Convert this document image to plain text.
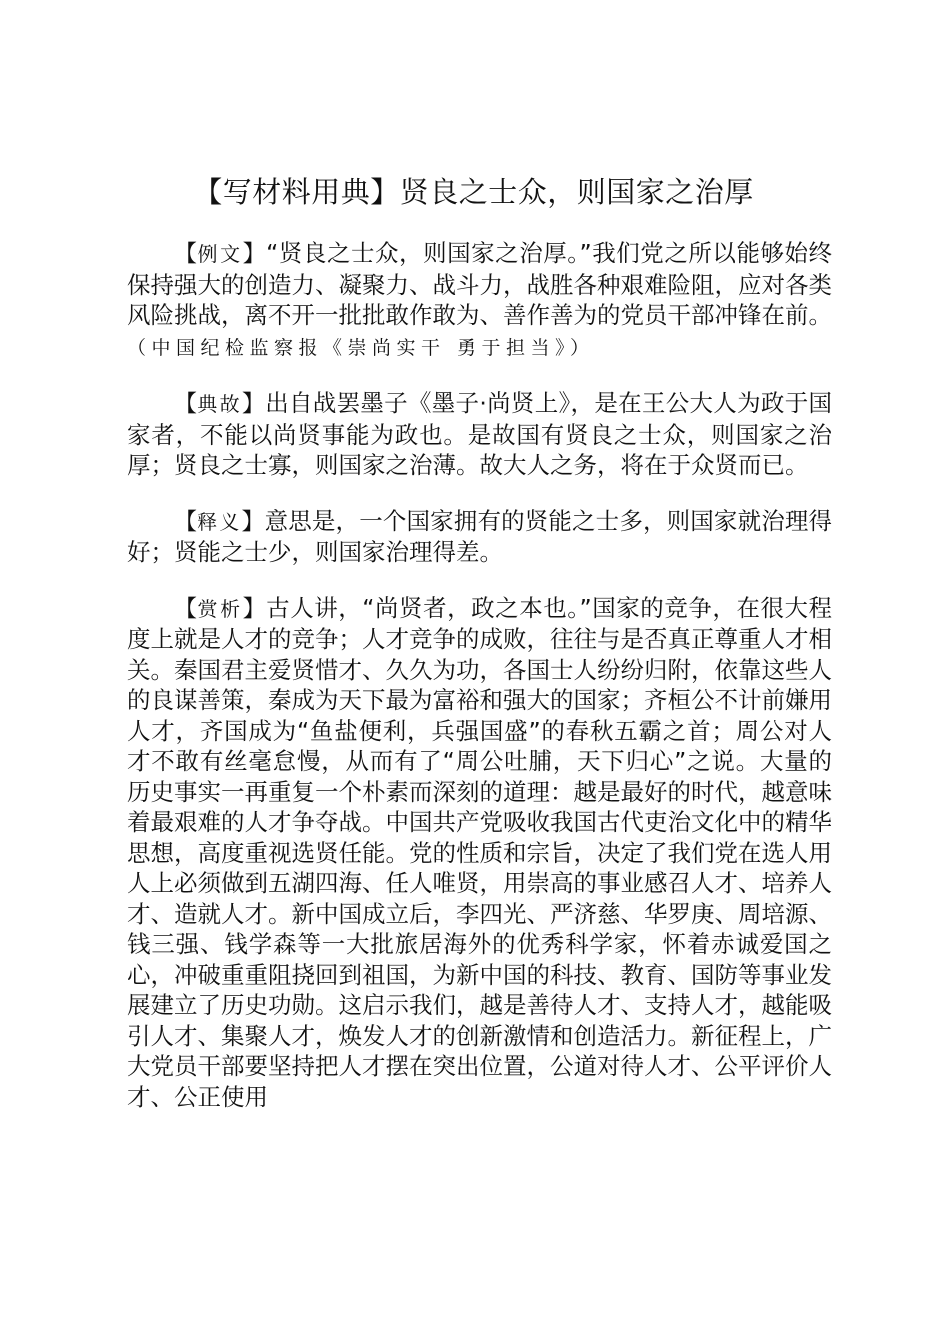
【写材料用典】贤良之士众，则国家之治厚

【例文】“贤良之士众，则国家之治厚。”我们党之所以能够始终保持强大的创造力、凝聚力、战斗力，战胜各种艰难险阻，应对各类风险挑战，离不开一批批敢作敢为、善作善为的党员干部冲锋在前。（中国纪检监察报《崇尚实干 勇于担当》）

【典故】出自战罢墨子《墨子·尚贤上》，是在王公大人为政于国家者，不能以尚贤事能为政也。是故国有贤良之士众，则国家之治厚；贤良之士寡，则国家之治薄。故大人之务，将在于众贤而已。

【释义】意思是，一个国家拥有的贤能之士多，则国家就治理得好；贤能之士少，则国家治理得差。

【赏析】古人讲，“尚贤者，政之本也。”国家的竞争，在很大程度上就是人才的竞争；人才竞争的成败，往往与是否真正尊重人才相关。秦国君主爱贤惜才、久久为功，各国士人纷纷归附，依靠这些人的良谋善策，秦成为天下最为富裕和强大的国家；齐桓公不计前嫌用人才，齐国成为“鱼盐便利，兵强国盛”的春秋五霸之首；周公对人才不敢有丝毫怠慢，从而有了“周公吐脯，天下归心”之说。大量的历史事实一再重复一个朴素而深刻的道理：越是最好的时代，越意味着最艰难的人才争夺战。中国共产党吸收我国古代吏治文化中的精华思想，高度重视选贤任能。党的性质和宗旨，决定了我们党在选人用人上必须做到五湖四海、任人唯贤，用崇高的事业感召人才、培养人才、造就人才。新中国成立后，李四光、严济慈、华罗庚、周培源、钱三强、钱学森等一大批旅居海外的优秀科学家，怀着赤诚爱国之心，冲破重重阻挠回到祖国，为新中国的科技、教育、国防等事业发展建立了历史功勋。这启示我们，越是善待人才、支持人才，越能吸引人才、集聚人才，焕发人才的创新激情和创造活力。新征程上，广大党员干部要坚持把人才摆在突出位置，公道对待人才、公平评价人才、公正使用
